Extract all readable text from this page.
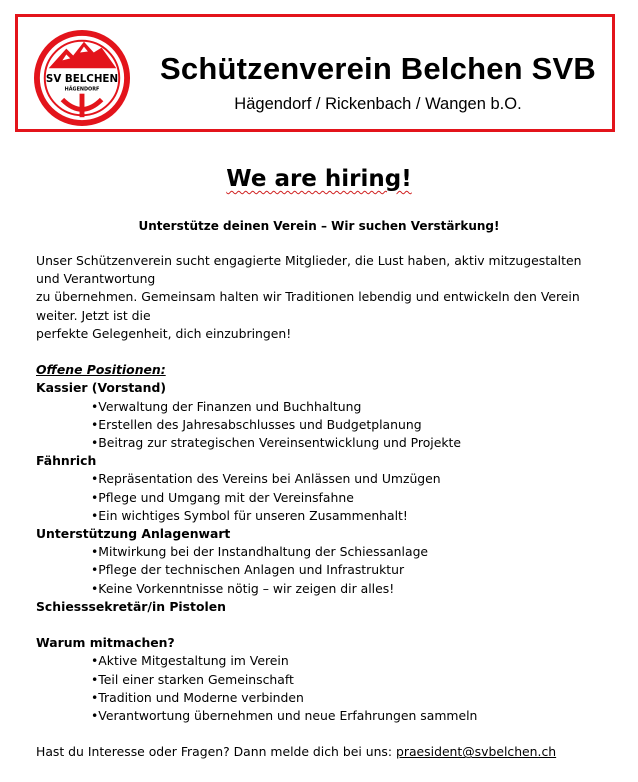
SV BELCHEN
HÄGENDORF
Schützenverein Belchen SVB
Hägendorf / Rickenbach / Wangen b.O.
We are hiring!
Unterstütze deinen Verein – Wir suchen Verstärkung!

Unser Schützenverein sucht engagierte Mitglieder, die Lust haben, aktiv mitzugestalten und Verantwortung

zu übernehmen. Gemeinsam halten wir Traditionen lebendig und entwickeln den Verein weiter. Jetzt ist die

perfekte Gelegenheit, dich einzubringen!

Offene Positionen:

Kassier (Vorstand)

•Verwaltung der Finanzen und Buchhaltung

•Erstellen des Jahresabschlusses und Budgetplanung

•Beitrag zur strategischen Vereinsentwicklung und Projekte

Fähnrich

•Repräsentation des Vereins bei Anlässen und Umzügen

•Pflege und Umgang mit der Vereinsfahne

•Ein wichtiges Symbol für unseren Zusammenhalt!

Unterstützung Anlagenwart

•Mitwirkung bei der Instandhaltung der Schiessanlage

•Pflege der technischen Anlagen und Infrastruktur

•Keine Vorkenntnisse nötig – wir zeigen dir alles!

Schiesssekretär/in Pistolen

Warum mitmachen?

•Aktive Mitgestaltung im Verein

•Teil einer starken Gemeinschaft

•Tradition und Moderne verbinden

•Verantwortung übernehmen und neue Erfahrungen sammeln

Hast du Interesse oder Fragen? Dann melde dich bei uns: praesident@svbelchen.ch
